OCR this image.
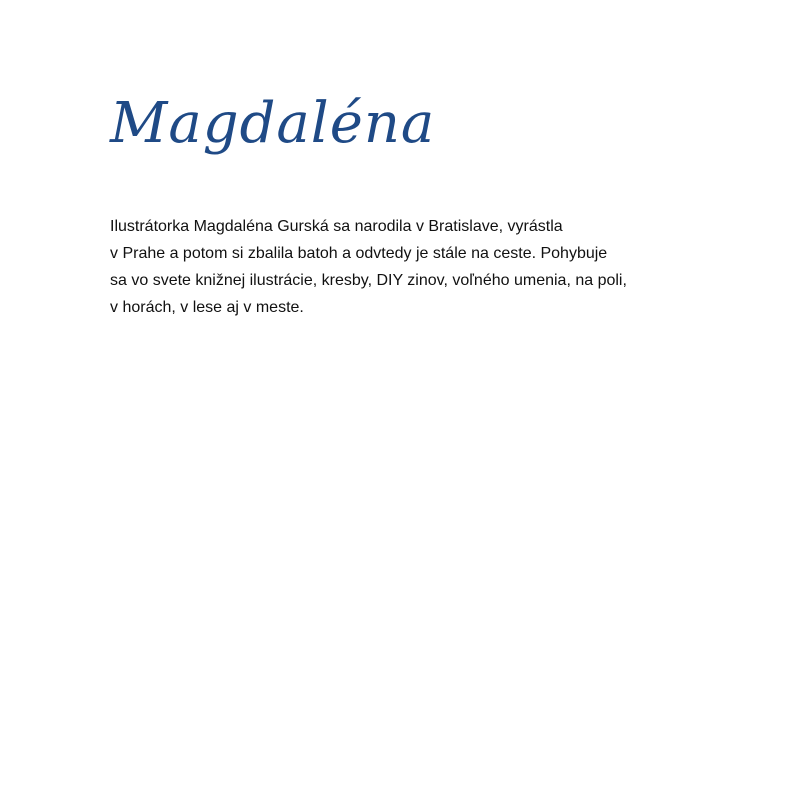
Magdaléna

Ilustrátorka Magdaléna Gurská sa narodila v Bratislave, vyrástla
v Prahe a potom si zbalila batoh a odvtedy je stále na ceste. Pohybuje
sa vo svete knižnej ilustrácie, kresby, DIY zinov, voľného umenia, na poli,
v horách, v lese aj v meste.
